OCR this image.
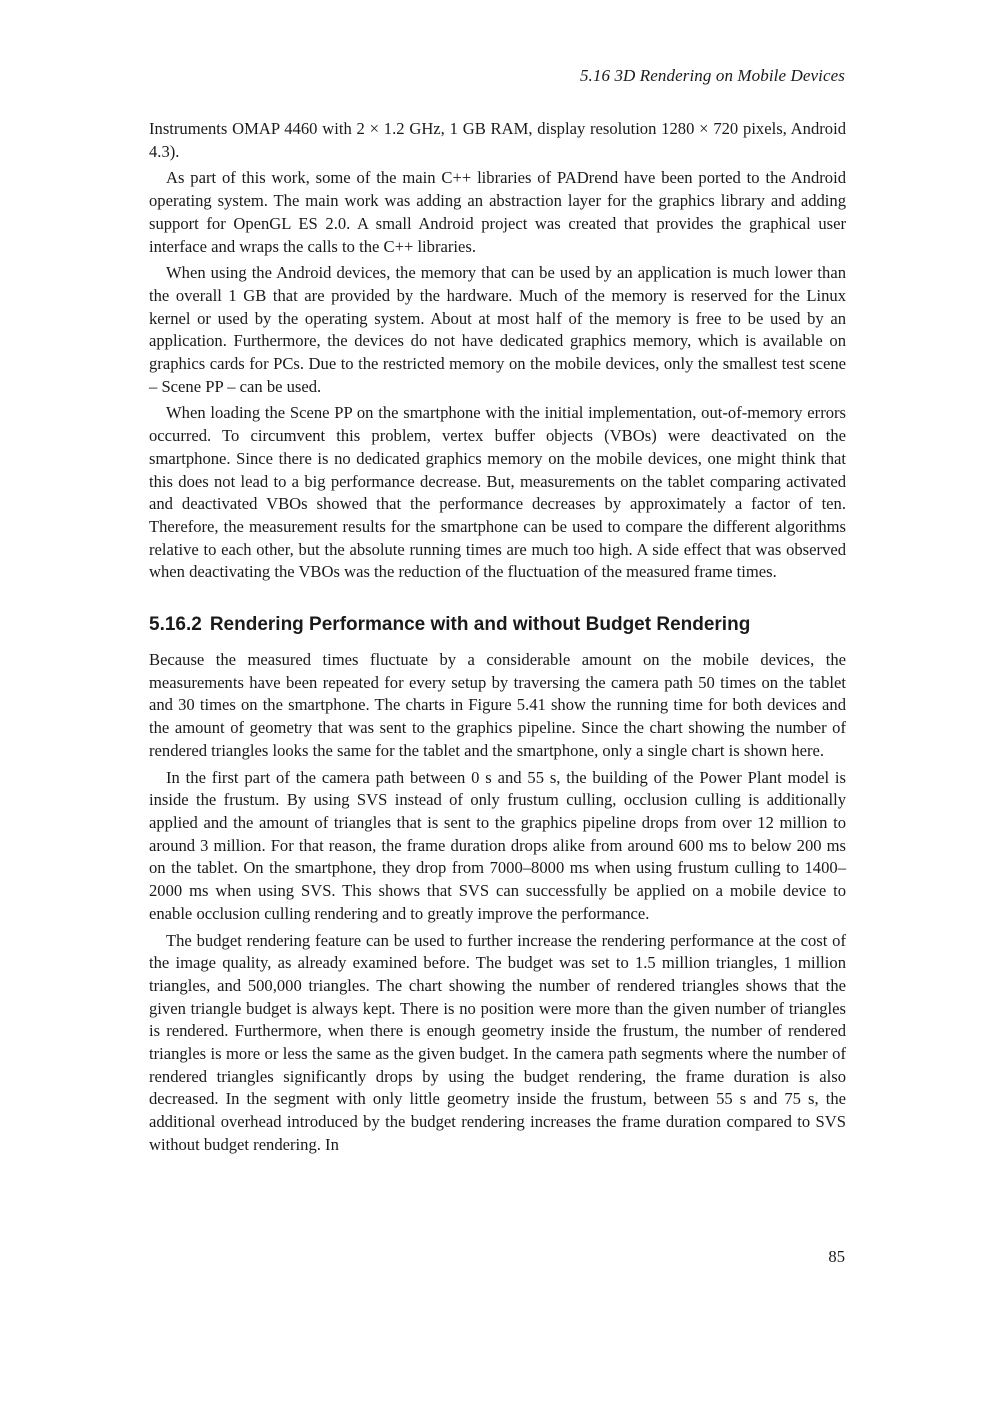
5.16 3D Rendering on Mobile Devices

Instruments OMAP 4460 with 2 × 1.2 GHz, 1 GB RAM, display resolution 1280 × 720 pixels, Android 4.3).

As part of this work, some of the main C++ libraries of PADrend have been ported to the Android operating system. The main work was adding an abstraction layer for the graphics library and adding support for OpenGL ES 2.0. A small Android project was created that provides the graphical user interface and wraps the calls to the C++ libraries.

When using the Android devices, the memory that can be used by an application is much lower than the overall 1 GB that are provided by the hardware. Much of the memory is reserved for the Linux kernel or used by the operating system. About at most half of the memory is free to be used by an application. Furthermore, the devices do not have dedicated graphics memory, which is available on graphics cards for PCs. Due to the restricted memory on the mobile devices, only the smallest test scene – Scene PP – can be used.

When loading the Scene PP on the smartphone with the initial implementation, out-of-memory errors occurred. To circumvent this problem, vertex buffer objects (VBOs) were deactivated on the smartphone. Since there is no dedicated graphics memory on the mobile devices, one might think that this does not lead to a big performance decrease. But, measurements on the tablet comparing activated and deactivated VBOs showed that the performance decreases by approximately a factor of ten. Therefore, the measurement results for the smartphone can be used to compare the different algorithms relative to each other, but the absolute running times are much too high. A side effect that was observed when deactivating the VBOs was the reduction of the fluctuation of the measured frame times.

5.16.2 Rendering Performance with and without Budget Rendering

Because the measured times fluctuate by a considerable amount on the mobile devices, the measurements have been repeated for every setup by traversing the camera path 50 times on the tablet and 30 times on the smartphone. The charts in Figure 5.41 show the running time for both devices and the amount of geometry that was sent to the graphics pipeline. Since the chart showing the number of rendered triangles looks the same for the tablet and the smartphone, only a single chart is shown here.

In the first part of the camera path between 0 s and 55 s, the building of the Power Plant model is inside the frustum. By using SVS instead of only frustum culling, occlusion culling is additionally applied and the amount of triangles that is sent to the graphics pipeline drops from over 12 million to around 3 million. For that reason, the frame duration drops alike from around 600 ms to below 200 ms on the tablet. On the smartphone, they drop from 7000–8000 ms when using frustum culling to 1400–2000 ms when using SVS. This shows that SVS can successfully be applied on a mobile device to enable occlusion culling rendering and to greatly improve the performance.

The budget rendering feature can be used to further increase the rendering performance at the cost of the image quality, as already examined before. The budget was set to 1.5 million triangles, 1 million triangles, and 500,000 triangles. The chart showing the number of rendered triangles shows that the given triangle budget is always kept. There is no position were more than the given number of triangles is rendered. Furthermore, when there is enough geometry inside the frustum, the number of rendered triangles is more or less the same as the given budget. In the camera path segments where the number of rendered triangles significantly drops by using the budget rendering, the frame duration is also decreased. In the segment with only little geometry inside the frustum, between 55 s and 75 s, the additional overhead introduced by the budget rendering increases the frame duration compared to SVS without budget rendering. In

85
